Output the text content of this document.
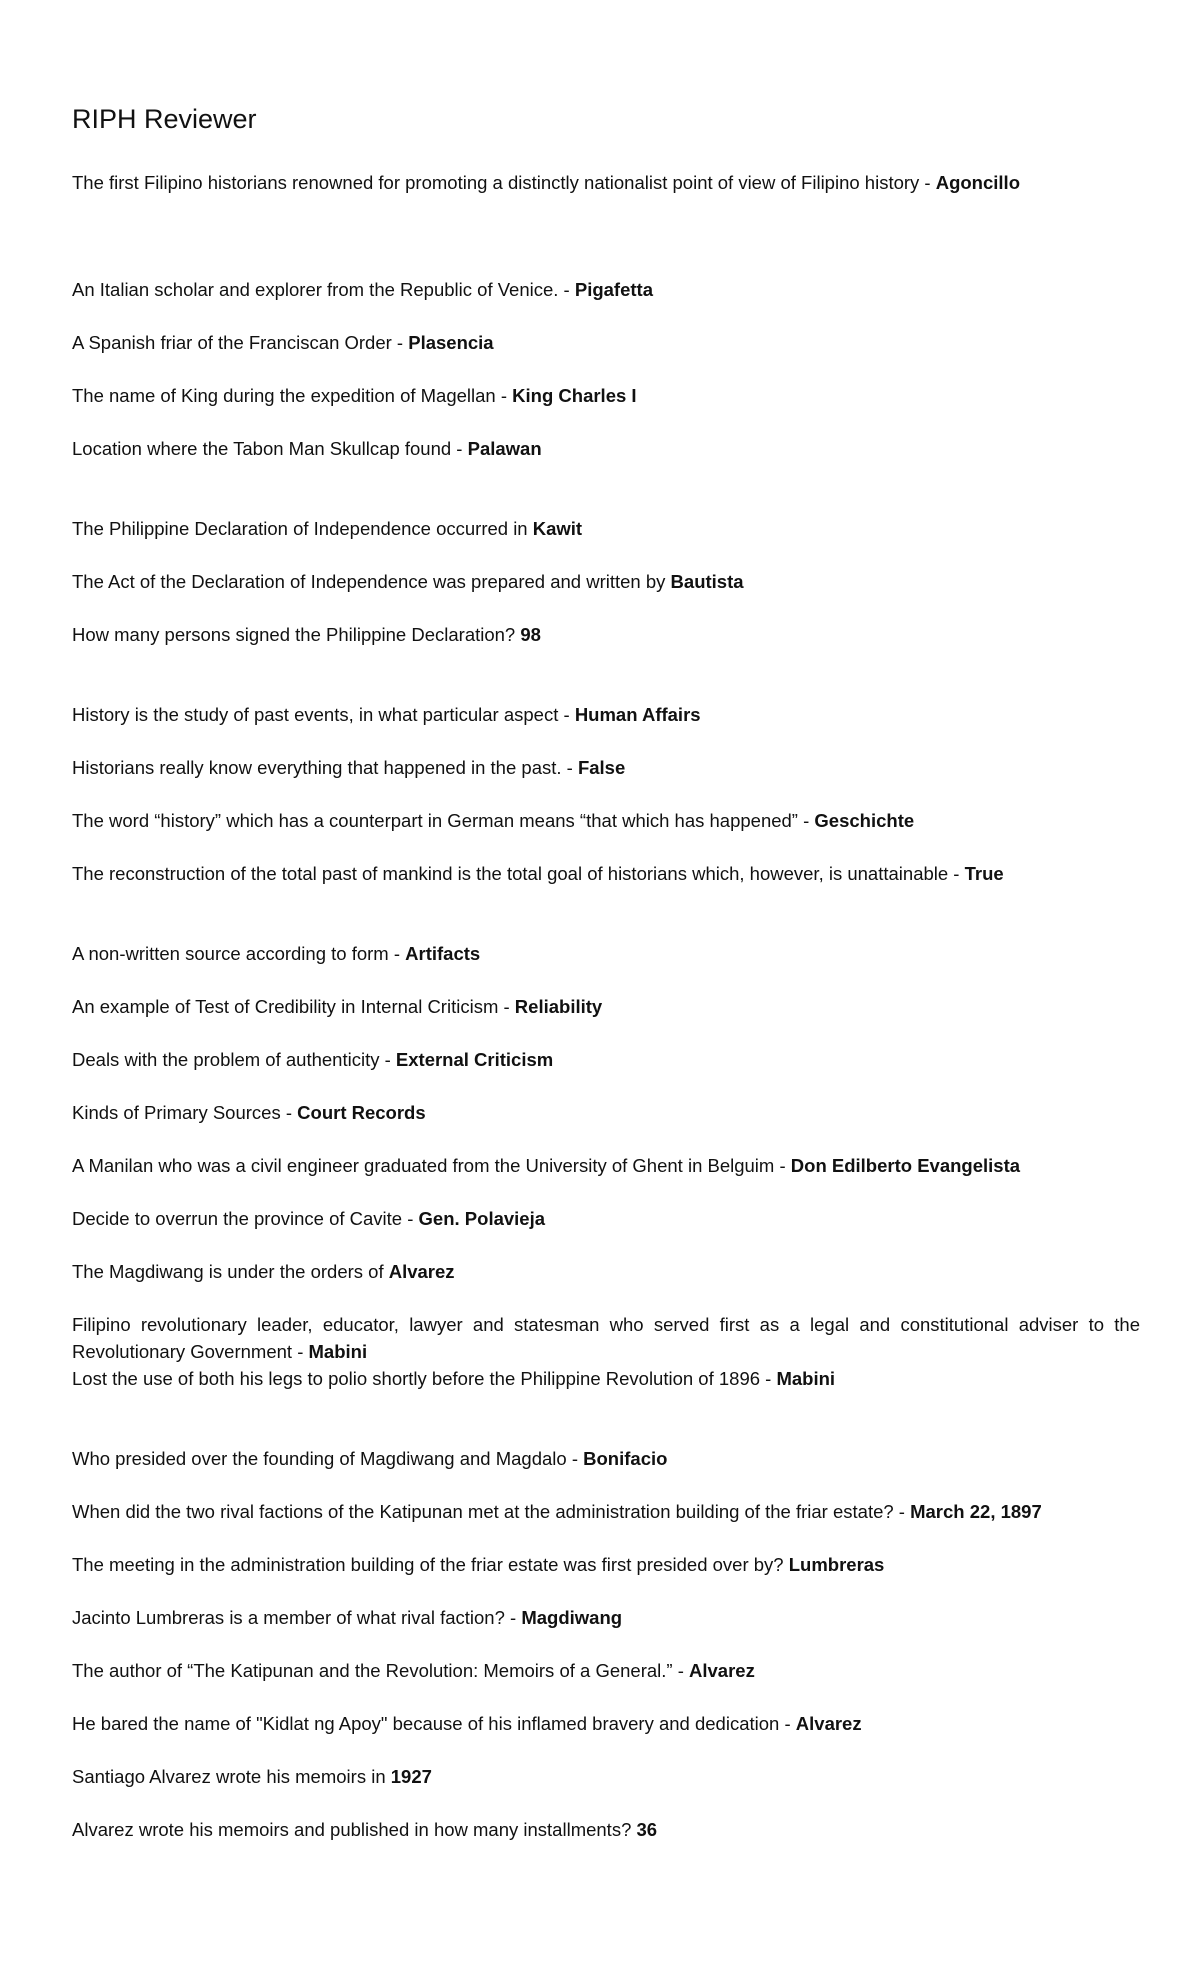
RIPH Reviewer

The first Filipino historians renowned for promoting a distinctly nationalist point of view of Filipino history - Agoncillo

An Italian scholar and explorer from the Republic of Venice. - Pigafetta

A Spanish friar of the Franciscan Order - Plasencia

The name of King during the expedition of Magellan - King Charles I

Location where the Tabon Man Skullcap found - Palawan

The Philippine Declaration of Independence occurred in Kawit

The Act of the Declaration of Independence was prepared and written by Bautista

How many persons signed the Philippine Declaration? 98

History is the study of past events, in what particular aspect - Human Affairs

Historians really know everything that happened in the past. - False

The word “history” which has a counterpart in German means “that which has happened” - Geschichte

The reconstruction of the total past of mankind is the total goal of historians which, however, is unattainable - True

A non-written source according to form - Artifacts

An example of Test of Credibility in Internal Criticism - Reliability

Deals with the problem of authenticity - External Criticism

Kinds of Primary Sources - Court Records

A Manilan who was a civil engineer graduated from the University of Ghent in Belguim - Don Edilberto Evangelista

Decide to overrun the province of Cavite - Gen. Polavieja

The Magdiwang is under the orders of Alvarez

Filipino revolutionary leader, educator, lawyer and statesman who served first as a legal and constitutional adviser to the Revolutionary Government - Mabini

Lost the use of both his legs to polio shortly before the Philippine Revolution of 1896 - Mabini

Who presided over the founding of Magdiwang and Magdalo - Bonifacio

When did the two rival factions of the Katipunan met at the administration building of the friar estate? - March 22, 1897

The meeting in the administration building of the friar estate was first presided over by? Lumbreras

Jacinto Lumbreras is a member of what rival faction? - Magdiwang

The author of “The Katipunan and the Revolution: Memoirs of a General.” - Alvarez

He bared the name of "Kidlat ng Apoy" because of his inflamed bravery and dedication - Alvarez

Santiago Alvarez wrote his memoirs in 1927

Alvarez wrote his memoirs and published in how many installments? 36
